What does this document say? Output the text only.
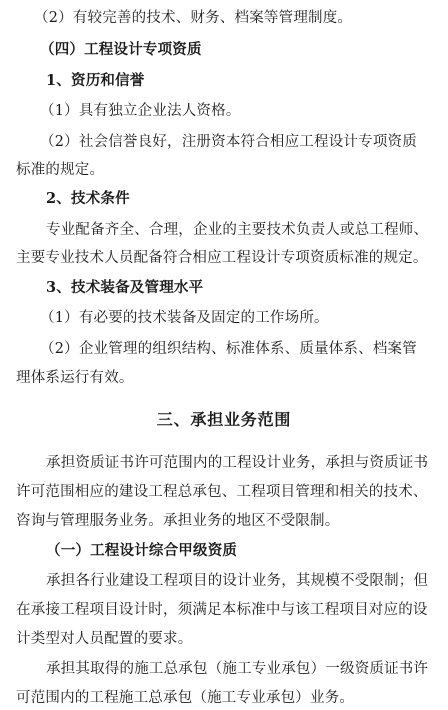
（2）有较完善的技术、财务、档案等管理制度。
（四）工程设计专项资质
1、资历和信誉
（1）具有独立企业法人资格。
（2）社会信誉良好，注册资本符合相应工程设计专项资质
标准的规定。
2、技术条件
专业配备齐全、合理，企业的主要技术负责人或总工程师、
主要专业技术人员配备符合相应工程设计专项资质标准的规定。
3、技术装备及管理水平
（1）有必要的技术装备及固定的工作场所。
（2）企业管理的组织结构、标准体系、质量体系、档案管
理体系运行有效。
三、承担业务范围
承担资质证书许可范围内的工程设计业务，承担与资质证书
许可范围相应的建设工程总承包、工程项目管理和相关的技术、
咨询与管理服务业务。承担业务的地区不受限制。
（一）工程设计综合甲级资质
承担各行业建设工程项目的设计业务，其规模不受限制；但
在承接工程项目设计时，须满足本标准中与该工程项目对应的设
计类型对人员配置的要求。
承担其取得的施工总承包（施工专业承包）一级资质证书许
可范围内的工程施工总承包（施工专业承包）业务。
